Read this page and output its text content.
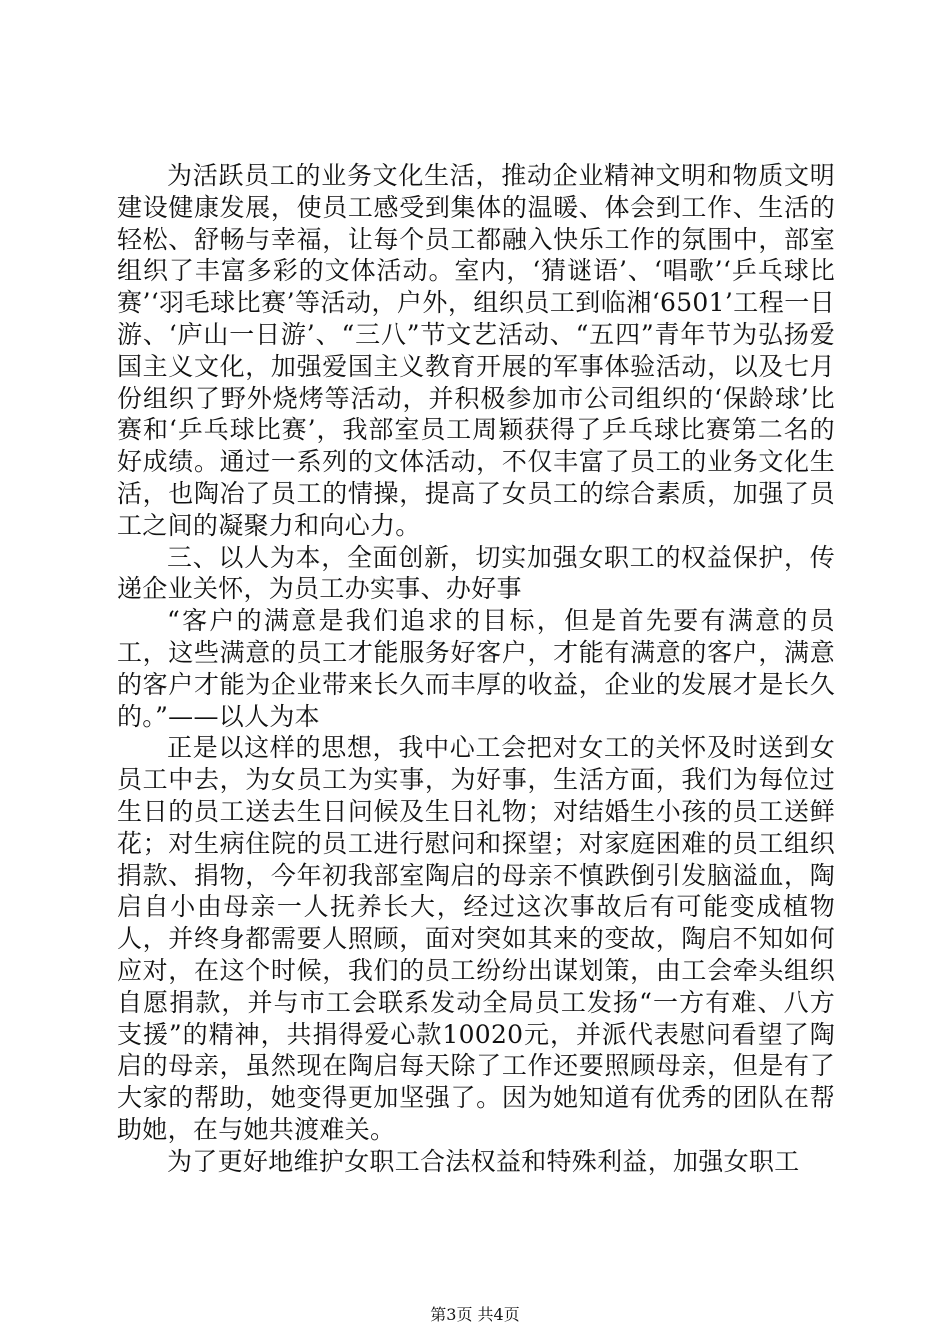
为活跃员工的业务文化生活，推动企业精神文明和物质文明建设健康发展，使员工感受到集体的温暖、体会到工作、生活的轻松、舒畅与幸福，让每个员工都融入快乐工作的氛围中，部室组织了丰富多彩的文体活动。室内，‘猜谜语’、‘唱歌’‘乒乓球比赛’‘羽毛球比赛’等活动，户外，组织员工到临湘‘6501’工程一日游、‘庐山一日游’、“三八”节文艺活动、“五四”青年节为弘扬爱国主义文化，加强爱国主义教育开展的军事体验活动，以及七月份组织了野外烧烤等活动，并积极参加市公司组织的‘保龄球’比赛和‘乒乓球比赛’，我部室员工周颖获得了乒乓球比赛第二名的好成绩。通过一系列的文体活动，不仅丰富了员工的业务文化生活，也陶冶了员工的情操，提高了女员工的综合素质，加强了员工之间的凝聚力和向心力。

三、以人为本，全面创新，切实加强女职工的权益保护，传递企业关怀，为员工办实事、办好事

“客户的满意是我们追求的目标，但是首先要有满意的员工，这些满意的员工才能服务好客户，才能有满意的客户，满意的客户才能为企业带来长久而丰厚的收益，企业的发展才是长久的。”——以人为本

正是以这样的思想，我中心工会把对女工的关怀及时送到女员工中去，为女员工为实事，为好事，生活方面，我们为每位过生日的员工送去生日问候及生日礼物；对结婚生小孩的员工送鲜花；对生病住院的员工进行慰问和探望；对家庭困难的员工组织捐款、捐物，今年初我部室陶启的母亲不慎跌倒引发脑溢血，陶启自小由母亲一人抚养长大，经过这次事故后有可能变成植物人，并终身都需要人照顾，面对突如其来的变故，陶启不知如何应对，在这个时候，我们的员工纷纷出谋划策，由工会牵头组织自愿捐款，并与市工会联系发动全局员工发扬“一方有难、八方支援”的精神，共捐得爱心款10020元，并派代表慰问看望了陶启的母亲，虽然现在陶启每天除了工作还要照顾母亲，但是有了大家的帮助，她变得更加坚强了。因为她知道有优秀的团队在帮助她，在与她共渡难关。

为了更好地维护女职工合法权益和特殊利益，加强女职工

第3页 共4页
